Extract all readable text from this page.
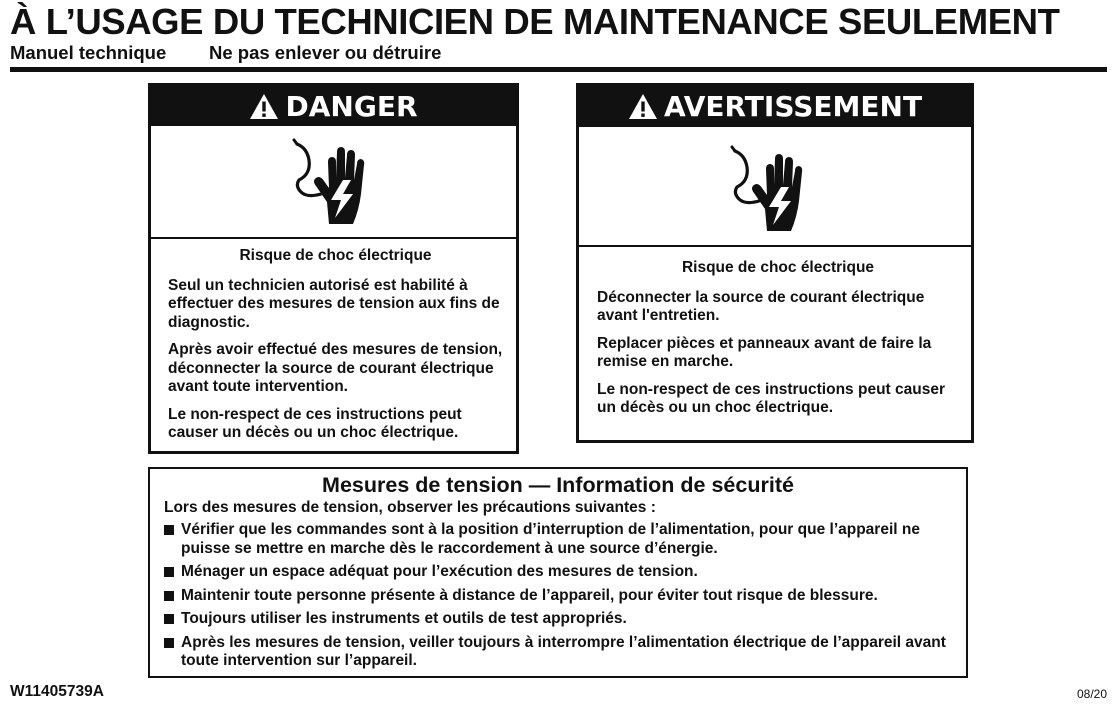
À L’USAGE DU TECHNICIEN DE MAINTENANCE SEULEMENT
Manuel technique Ne pas enlever ou détruire
DANGER
Risque de choc électrique

Seul un technicien autorisé est habilité à effectuer des mesures de tension aux fins de diagnostic.

Après avoir effectué des mesures de tension, déconnecter la source de courant électrique avant toute intervention.

Le non-respect de ces instructions peut causer un décès ou un choc électrique.

AVERTISSEMENT
Risque de choc électrique

Déconnecter la source de courant électrique avant l'entretien.

Replacer pièces et panneaux avant de faire la remise en marche.

Le non-respect de ces instructions peut causer un décès ou un choc électrique.

Mesures de tension — Information de sécurité
Lors des mesures de tension, observer les précautions suivantes :
Vérifier que les commandes sont à la position d’interruption de l’alimentation, pour que l’appareil ne puisse se mettre en marche dès le raccordement à une source d’énergie.
Ménager un espace adéquat pour l’exécution des mesures de tension.
Maintenir toute personne présente à distance de l’appareil, pour éviter tout risque de blessure.
Toujours utiliser les instruments et outils de test appropriés.
Après les mesures de tension, veiller toujours à interrompre l’alimentation électrique de l’appareil avant toute intervention sur l’appareil.
W11405739A	08/20
